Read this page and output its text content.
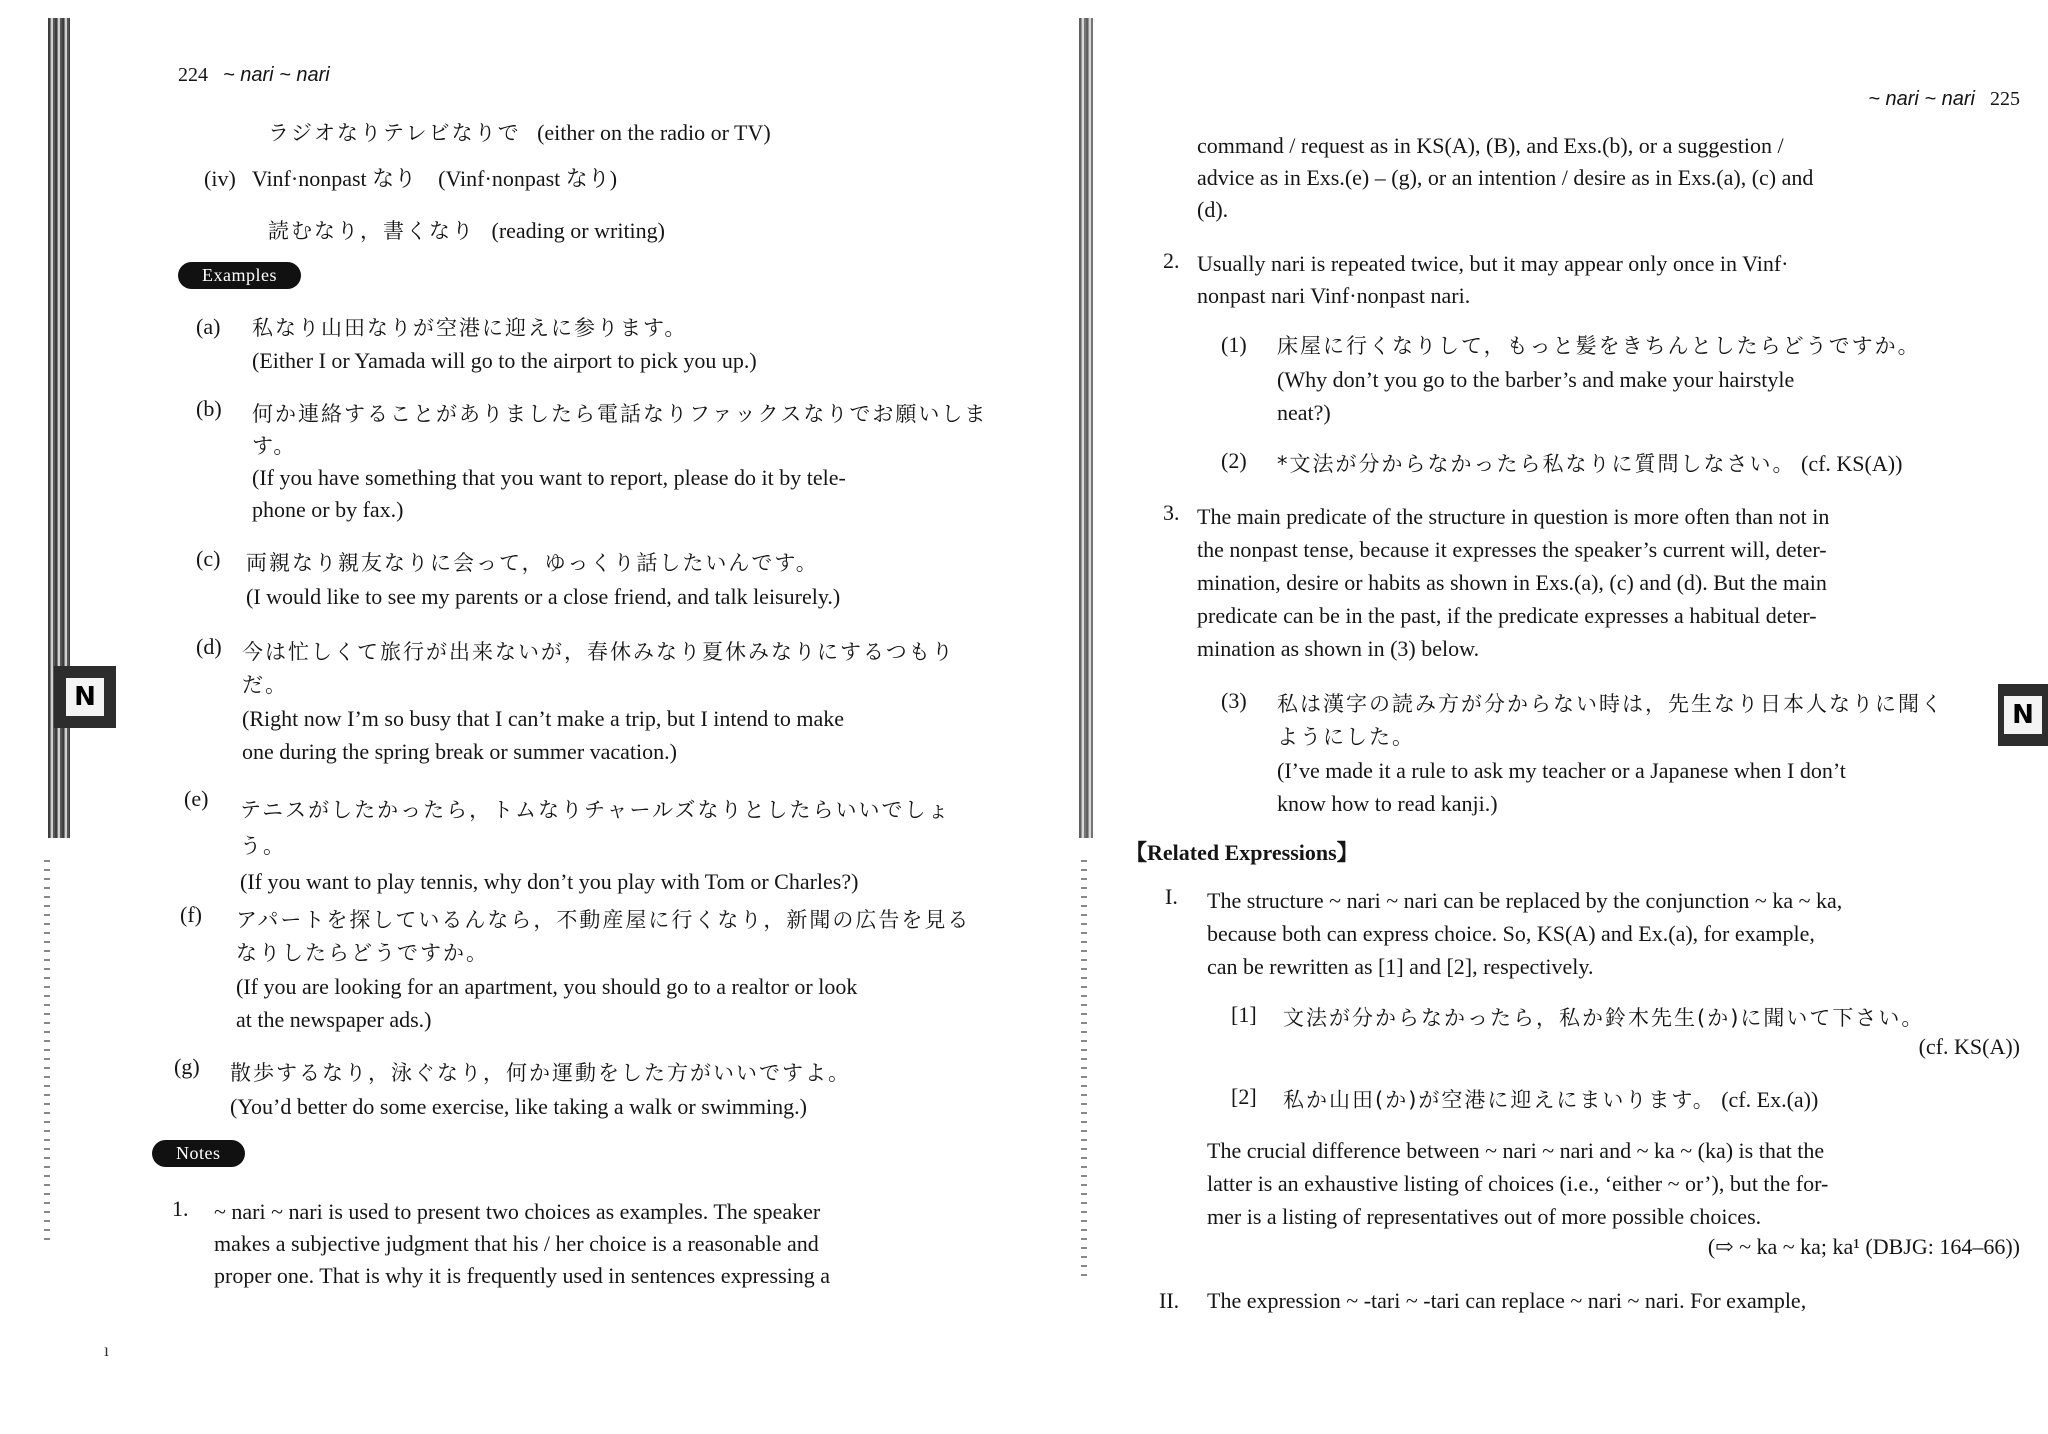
224 ~ nari ~ nari
ラジオなりテレビなりで (either on the radio or TV)
(iv) Vinf·nonpast なり (Vinf·nonpast なり)
読むなり，書くなり (reading or writing)
Examples
(a) 私なり山田なりが空港に迎えに参ります。
(Either I or Yamada will go to the airport to pick you up.)
(b) 何か連絡することがありましたら電話なりファックスなりでお願いしま
す。
(If you have something that you want to report, please do it by tele-
phone or by fax.)
(c) 両親なり親友なりに会って，ゆっくり話したいんです。
(I would like to see my parents or a close friend, and talk leisurely.)
(d) 今は忙しくて旅行が出来ないが，春休みなり夏休みなりにするつもり
だ。
(Right now I’m so busy that I can’t make a trip, but I intend to make
one during the spring break or summer vacation.)
(e) テニスがしたかったら，トムなりチャールズなりとしたらいいでしょ
う。
(If you want to play tennis, why don’t you play with Tom or Charles?)
(f) アパートを探しているんなら，不動産屋に行くなり，新聞の広告を見る
なりしたらどうですか。
(If you are looking for an apartment, you should go to a realtor or look
at the newspaper ads.)
(g) 散歩するなり，泳ぐなり，何か運動をした方がいいですよ。
(You’d better do some exercise, like taking a walk or swimming.)
Notes
1. ~ nari ~ nari is used to present two choices as examples. The speaker
makes a subjective judgment that his / her choice is a reasonable and
proper one. That is why it is frequently used in sentences expressing a
N
ı
~ nari ~ nari 225
command / request as in KS(A), (B), and Exs.(b), or a suggestion /
advice as in Exs.(e) – (g), or an intention / desire as in Exs.(a), (c) and
(d).
2. Usually nari is repeated twice, but it may appear only once in Vinf·
nonpast nari Vinf·nonpast nari.
(1) 床屋に行くなりして，もっと髪をきちんとしたらどうですか。
(Why don’t you go to the barber’s and make your hairstyle
neat?)
(2) *文法が分からなかったら私なりに質問しなさい。 (cf. KS(A))
3. The main predicate of the structure in question is more often than not in
the nonpast tense, because it expresses the speaker’s current will, deter-
mination, desire or habits as shown in Exs.(a), (c) and (d). But the main
predicate can be in the past, if the predicate expresses a habitual deter-
mination as shown in (3) below.
(3) 私は漢字の読み方が分からない時は，先生なり日本人なりに聞く
ようにした。
(I’ve made it a rule to ask my teacher or a Japanese when I don’t
know how to read kanji.)
【Related Expressions】
I. The structure ~ nari ~ nari can be replaced by the conjunction ~ ka ~ ka,
because both can express choice. So, KS(A) and Ex.(a), for example,
can be rewritten as [1] and [2], respectively.
[1] 文法が分からなかったら，私か鈴木先生(か)に聞いて下さい。
(cf. KS(A))
[2] 私か山田(か)が空港に迎えにまいります。 (cf. Ex.(a))
The crucial difference between ~ nari ~ nari and ~ ka ~ (ka) is that the
latter is an exhaustive listing of choices (i.e., ‘either ~ or’), but the for-
mer is a listing of representatives out of more possible choices.
(⇨ ~ ka ~ ka; ka¹ (DBJG: 164–66))
II. The expression ~ -tari ~ -tari can replace ~ nari ~ nari. For example,
N
